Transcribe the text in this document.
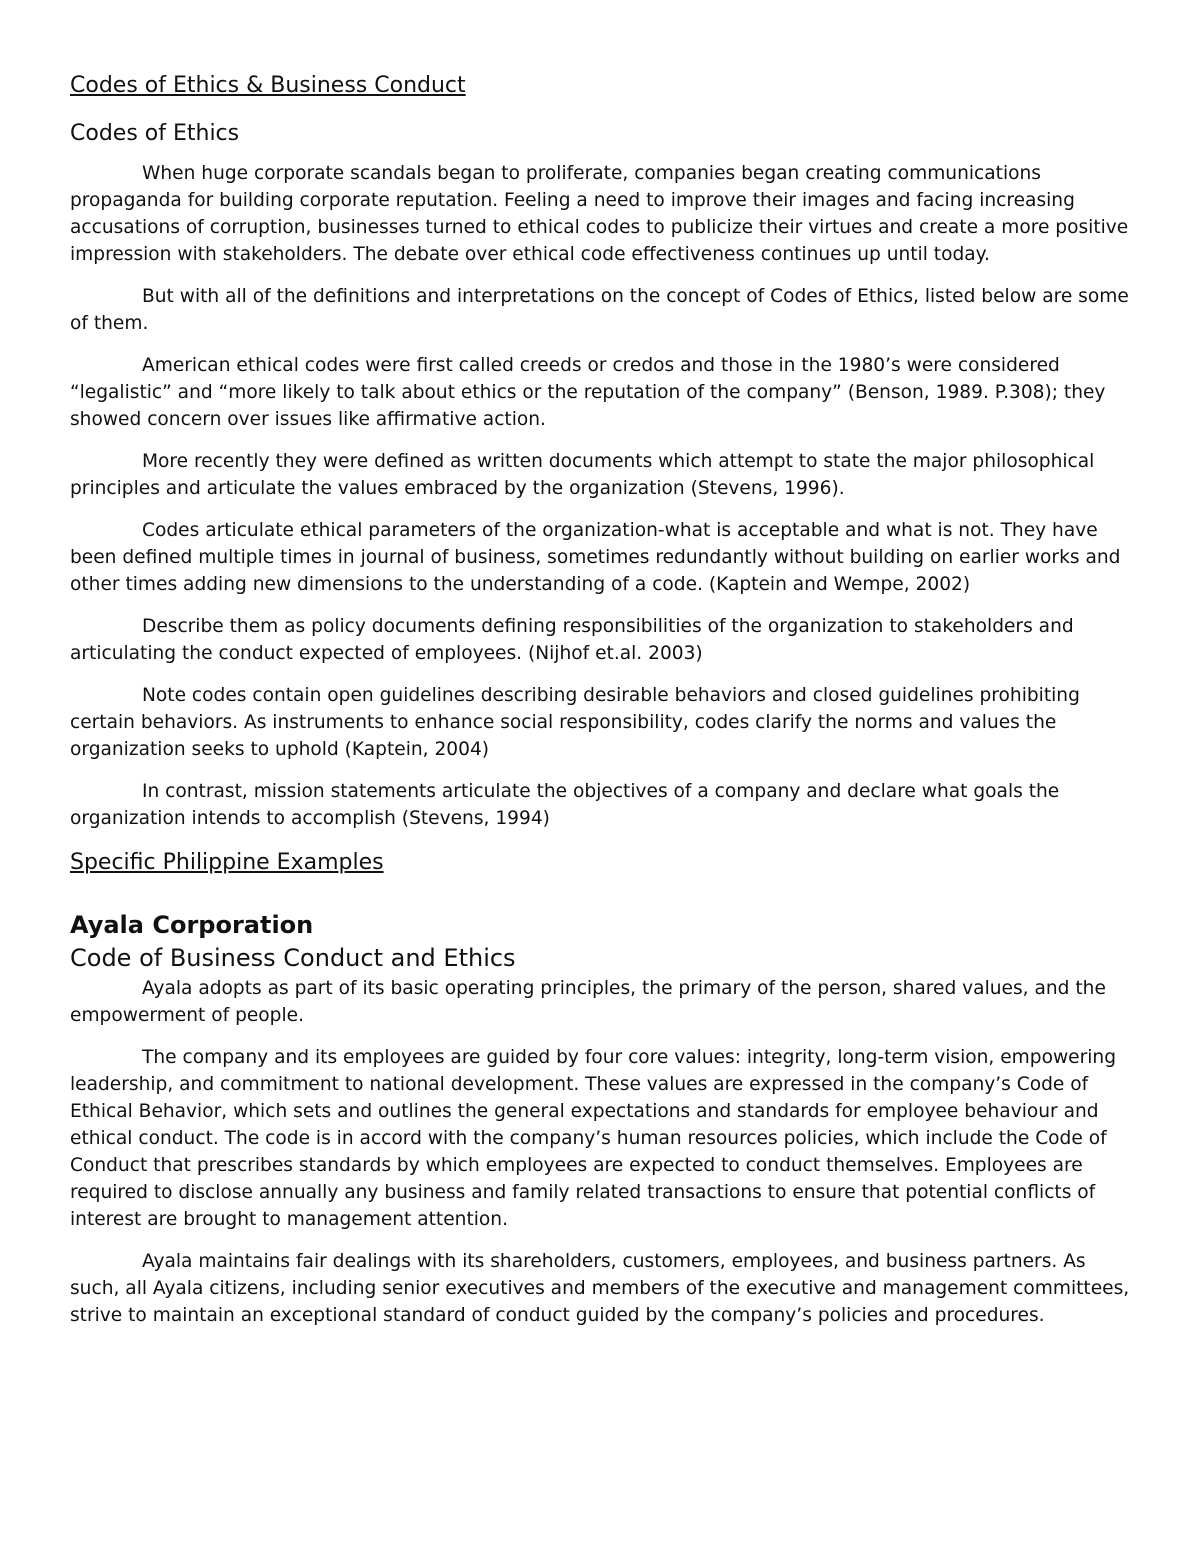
Codes of Ethics & Business Conduct
Codes of Ethics

When huge corporate scandals began to proliferate, companies began creating communications propaganda for building corporate reputation. Feeling a need to improve their images and facing increasing accusations of corruption, businesses turned to ethical codes to publicize their virtues and create a more positive impression with stakeholders. The debate over ethical code effectiveness continues up until today.

But with all of the definitions and interpretations on the concept of Codes of Ethics, listed below are some of them.

American ethical codes were first called creeds or credos and those in the 1980’s were considered “legalistic” and “more likely to talk about ethics or the reputation of the company” (Benson, 1989. P.308); they showed concern over issues like affirmative action.

More recently they were defined as written documents which attempt to state the major philosophical principles and articulate the values embraced by the organization (Stevens, 1996).

Codes articulate ethical parameters of the organization-what is acceptable and what is not. They have been defined multiple times in journal of business, sometimes redundantly without building on earlier works and other times adding new dimensions to the understanding of a code. (Kaptein and Wempe, 2002)

Describe them as policy documents defining responsibilities of the organization to stakeholders and articulating the conduct expected of employees. (Nijhof et.al. 2003)

Note codes contain open guidelines describing desirable behaviors and closed guidelines prohibiting certain behaviors. As instruments to enhance social responsibility, codes clarify the norms and values the organization seeks to uphold (Kaptein, 2004)

In contrast, mission statements articulate the objectives of a company and declare what goals the organization intends to accomplish (Stevens, 1994)

Specific Philippine Examples
Ayala Corporation
Code of Business Conduct and Ethics

Ayala adopts as part of its basic operating principles, the primary of the person, shared values, and the empowerment of people.

The company and its employees are guided by four core values: integrity, long-term vision, empowering leadership, and commitment to national development. These values are expressed in the company’s Code of Ethical Behavior, which sets and outlines the general expectations and standards for employee behaviour and ethical conduct. The code is in accord with the company’s human resources policies, which include the Code of Conduct that prescribes standards by which employees are expected to conduct themselves. Employees are required to disclose annually any business and family related transactions to ensure that potential conflicts of interest are brought to management attention.

Ayala maintains fair dealings with its shareholders, customers, employees, and business partners. As such, all Ayala citizens, including senior executives and members of the executive and management committees, strive to maintain an exceptional standard of conduct guided by the company’s policies and procedures.
